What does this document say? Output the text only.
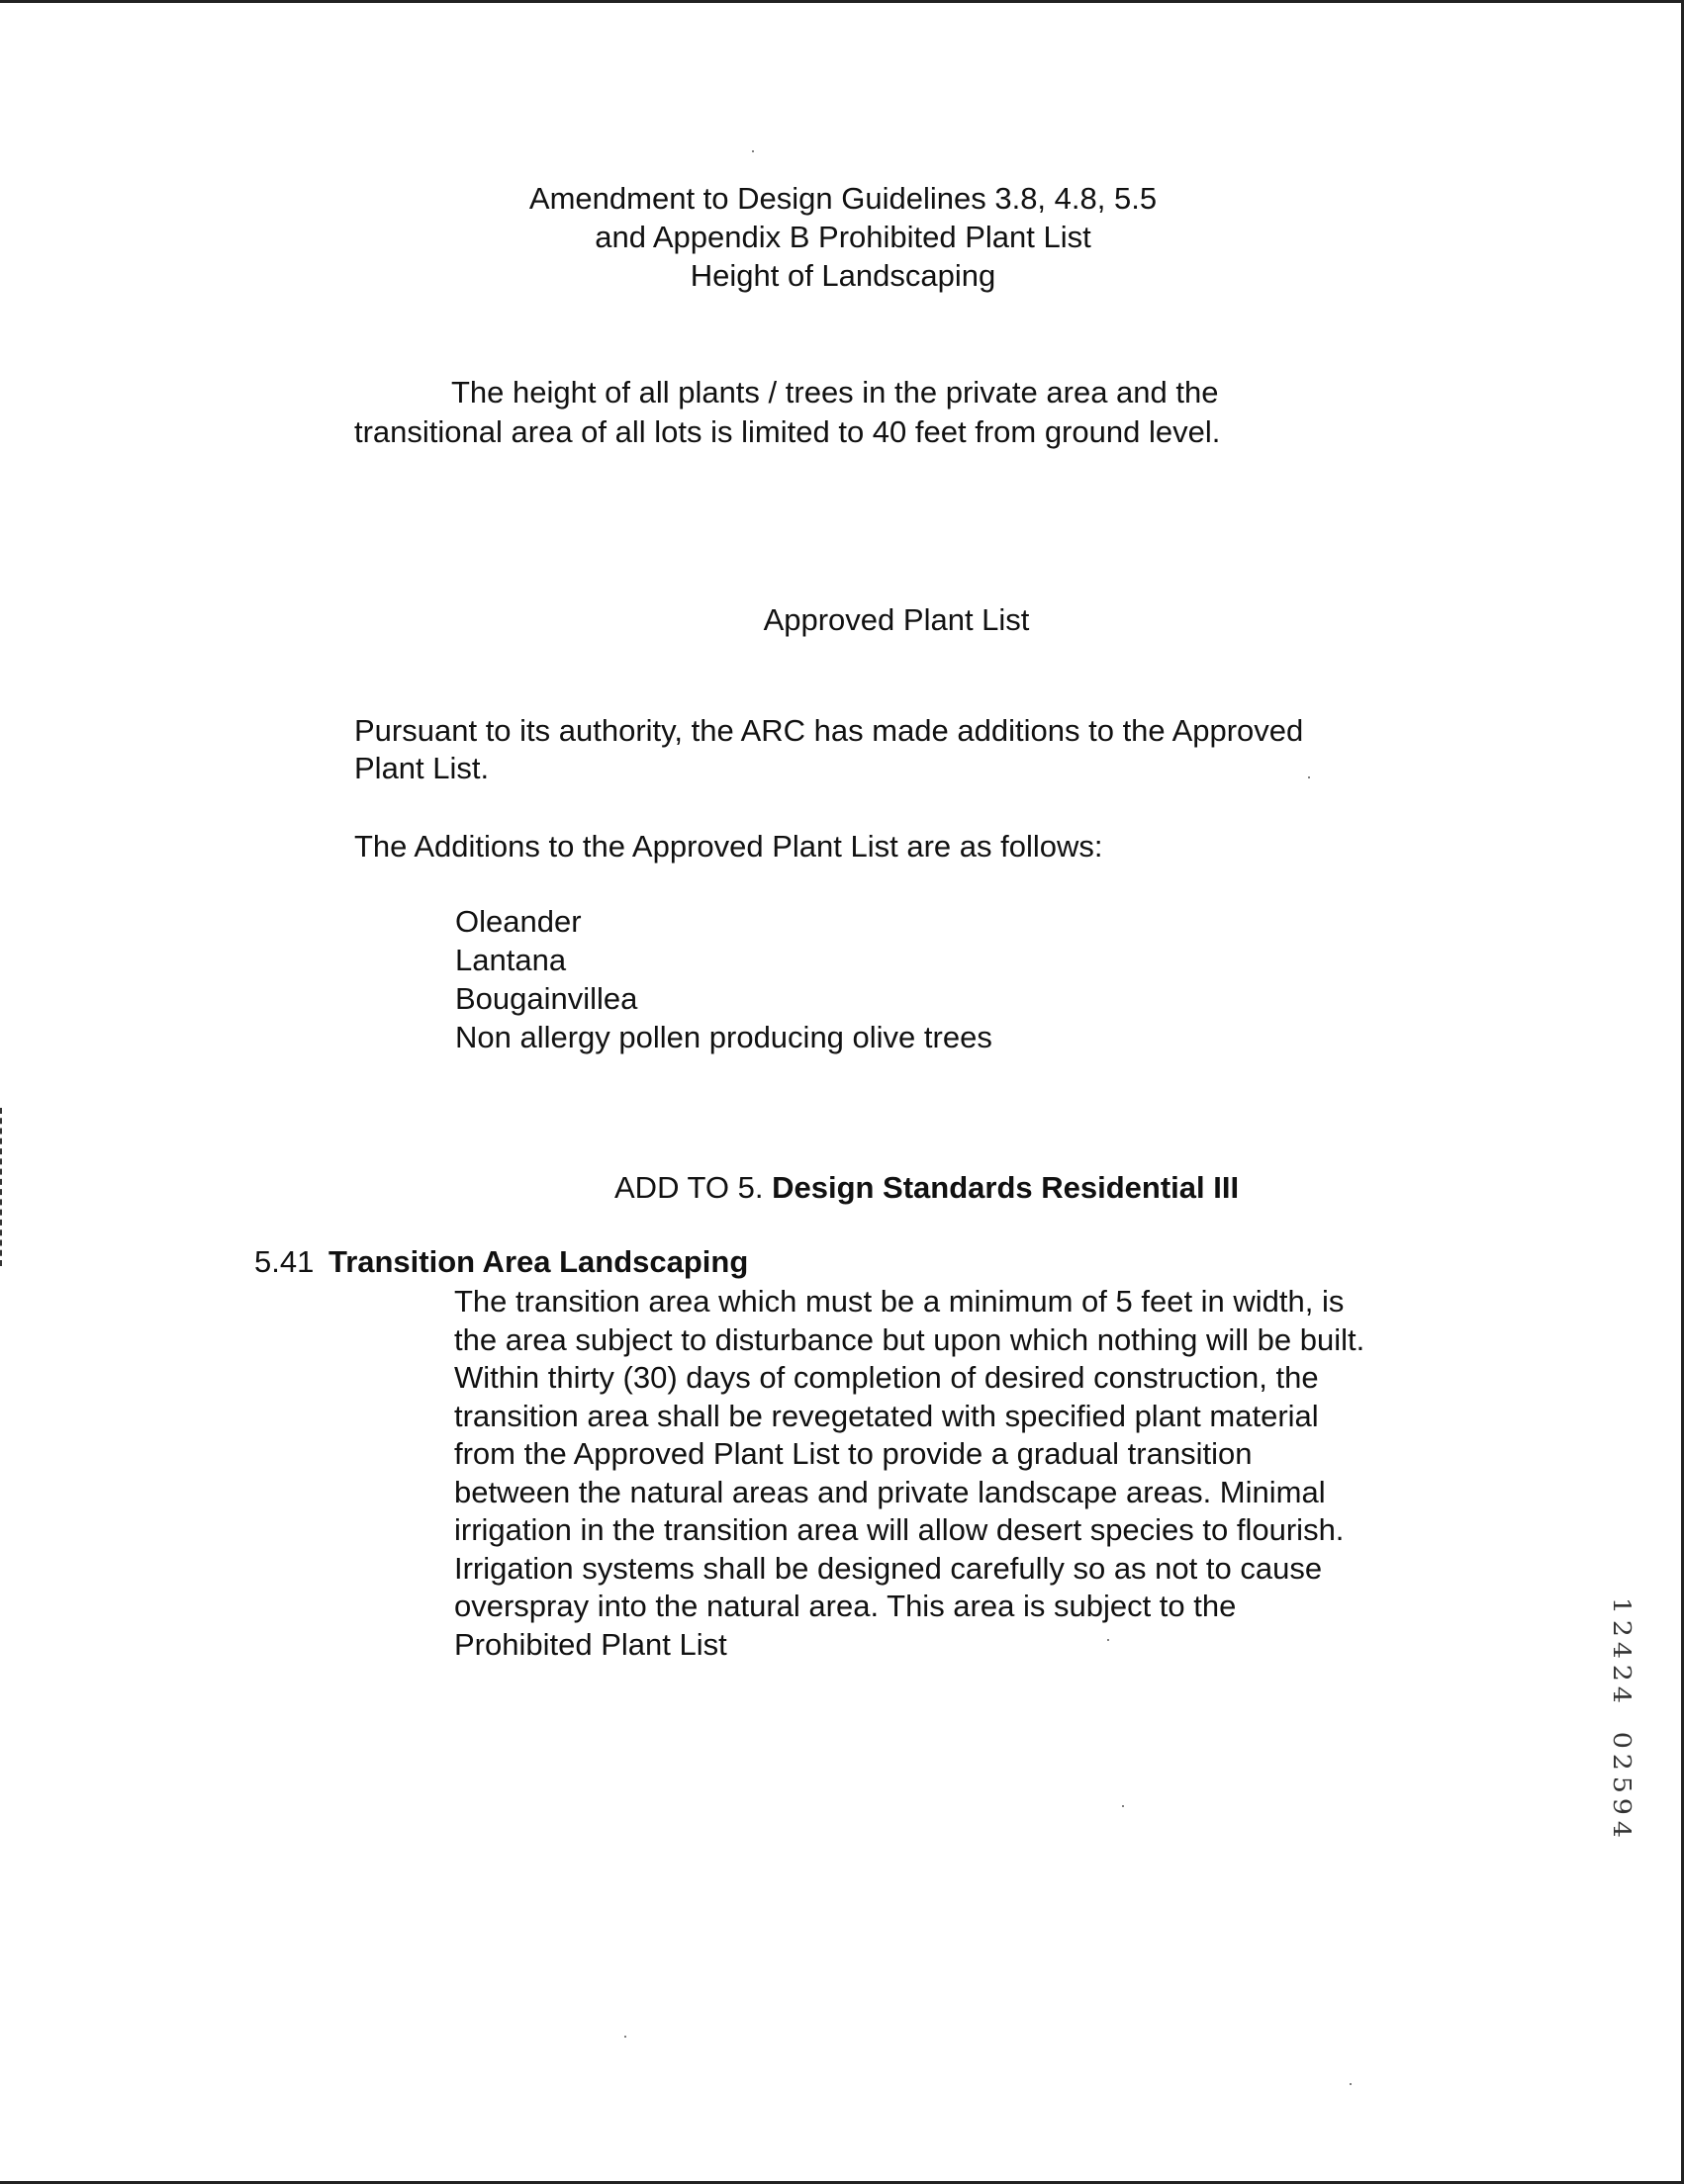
Amendment to Design Guidelines 3.8, 4.8, 5.5
and Appendix B Prohibited Plant List
Height of Landscaping
The height of all plants / trees in the private area and the
transitional area of all lots is limited to 40 feet from ground level.
Approved Plant List
Pursuant to its authority, the ARC has made additions to the Approved
Plant List.
The Additions to the Approved Plant List are as follows:
Oleander
Lantana
Bougainvillea
Non allergy pollen producing olive trees
ADD TO 5. Design Standards Residential III
5.41 Transition Area Landscaping
The transition area which must be a minimum of 5 feet in width, is
the area subject to disturbance but upon which nothing will be built.
Within thirty (30) days of completion of desired construction, the
transition area shall be revegetated with specified plant material
from the Approved Plant List to provide a gradual transition
between the natural areas and private landscape areas. Minimal
irrigation in the transition area will allow desert species to flourish.
Irrigation systems shall be designed carefully so as not to cause
overspray into the natural area. This area is subject to the
Prohibited Plant List
1
2
4
2
4

0
2
5
9
4
